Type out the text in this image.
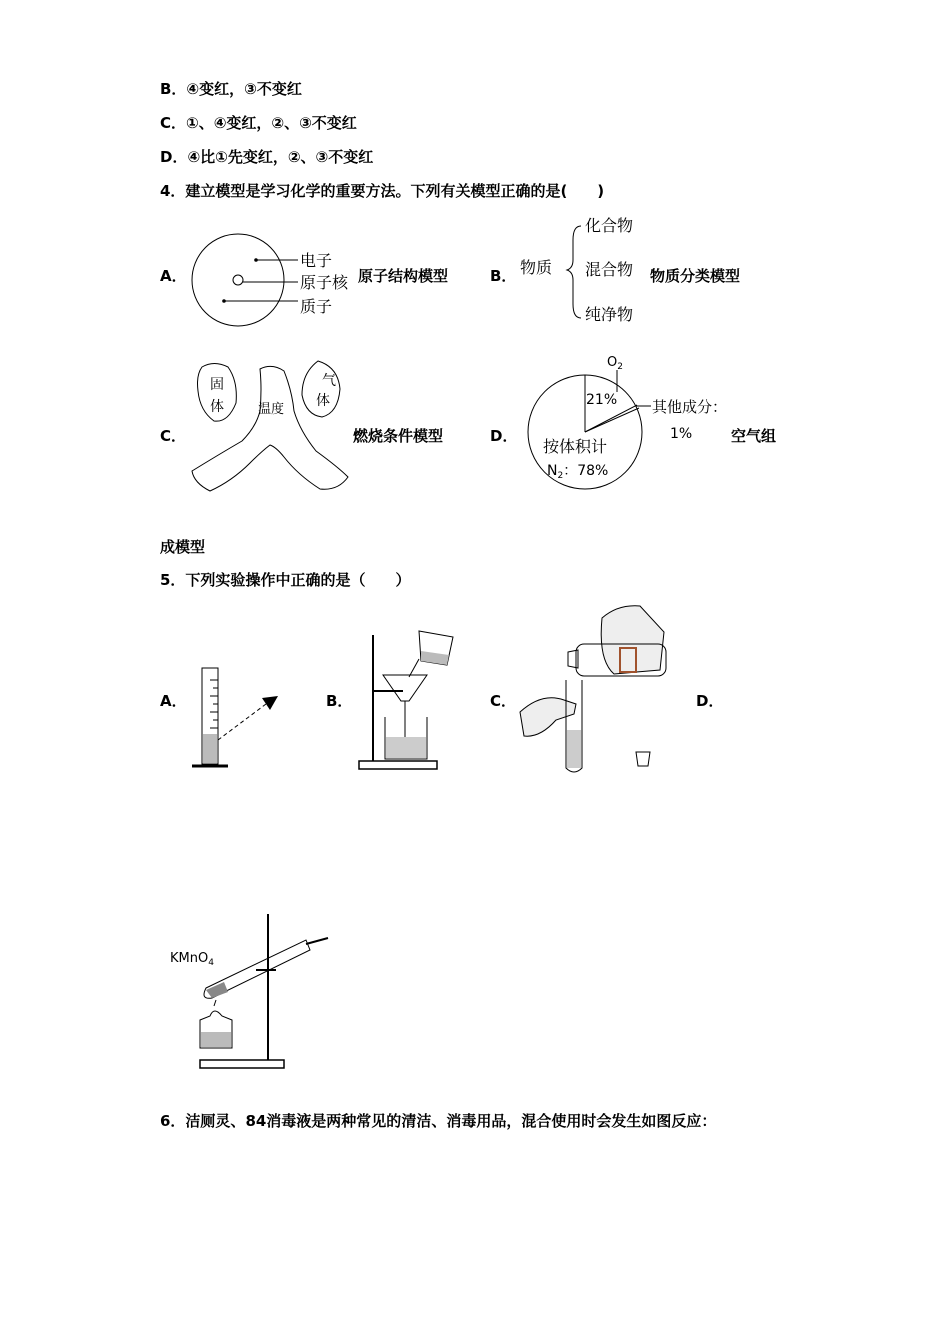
B．④变红，③不变红
C．①、④变红，②、③不变红
D．④比①先变红，②、③不变红
4．建立模型是学习化学的重要方法。下列有关模型正确的是(　　)
A．
电子
原子核
质子
原子结构模型	B． 物质
化合物
混合物
纯净物
物质分类模型
C．
固
体
气
体
温度
燃烧条件模型	D．
$O_2$
21% 其他成分：
1%
按体积计
$N_2$：78%
空气组
成模型
5．下列实验操作中正确的是（　　）
A．	B．	C．	D．
KMnO$_4$
6．洁厕灵、84消毒液是两种常见的清洁、消毒用品，混合使用时会发生如图反应：
